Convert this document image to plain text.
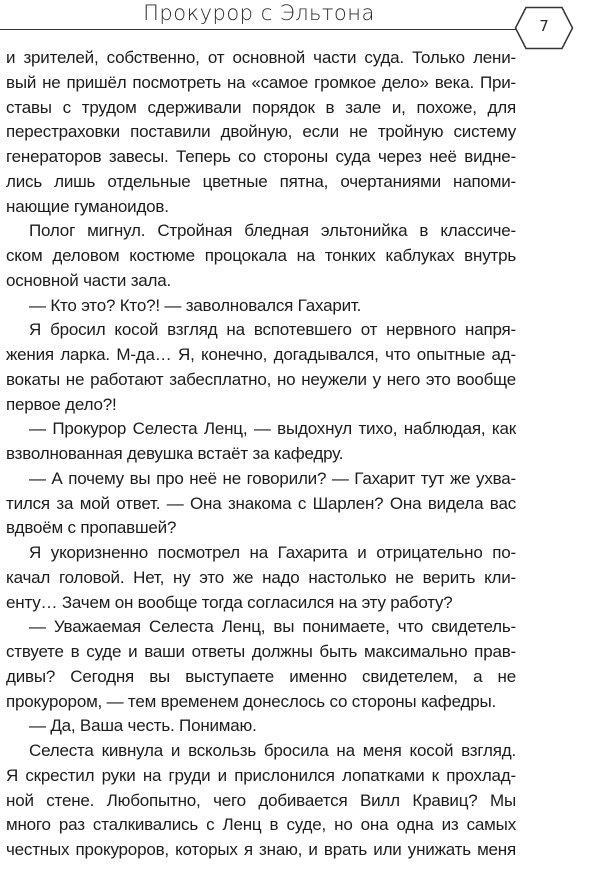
Прокурор с Эльтона
7
и зрителей, собственно, от основной части суда. Только лени-
вый не пришёл посмотреть на «самое громкое дело» века. При-
ставы с трудом сдерживали порядок в зале и, похоже, для
перестраховки поставили двойную, если не тройную систему
генераторов завесы. Теперь со стороны суда через неё видне-
лись лишь отдельные цветные пятна, очертаниями напоми-
нающие гуманоидов.
Полог мигнул. Стройная бледная эльтонийка в классиче-
ском деловом костюме процокала на тонких каблуках внутрь
основной части зала.
— Кто это? Кто?! — заволновался Гахарит.
Я бросил косой взгляд на вспотевшего от нервного напря-
жения ларка. М-да… Я, конечно, догадывался, что опытные ад-
вокаты не работают забесплатно, но неужели у него это вообще
первое дело?!
— Прокурор Селеста Ленц, — выдохнул тихо, наблюдая, как
взволнованная девушка встаёт за кафедру.
— А почему вы про неё не говорили? — Гахарит тут же ухва-
тился за мой ответ. — Она знакома с Шарлен? Она видела вас
вдвоём с пропавшей?
Я укоризненно посмотрел на Гахарита и отрицательно по-
качал головой. Нет, ну это же надо настолько не верить кли-
енту… Зачем он вообще тогда согласился на эту работу?
— Уважаемая Селеста Ленц, вы понимаете, что свидетель-
ствуете в суде и ваши ответы должны быть максимально прав-
дивы? Сегодня вы выступаете именно свидетелем, а не
прокурором, — тем временем донеслось со стороны кафедры.
— Да, Ваша честь. Понимаю.
Селеста кивнула и вскользь бросила на меня косой взгляд.
Я скрестил руки на груди и прислонился лопатками к прохлад-
ной стене. Любопытно, чего добивается Вилл Кравиц? Мы
много раз сталкивались с Ленц в суде, но она одна из самых
честных прокуроров, которых я знаю, и врать или унижать меня
